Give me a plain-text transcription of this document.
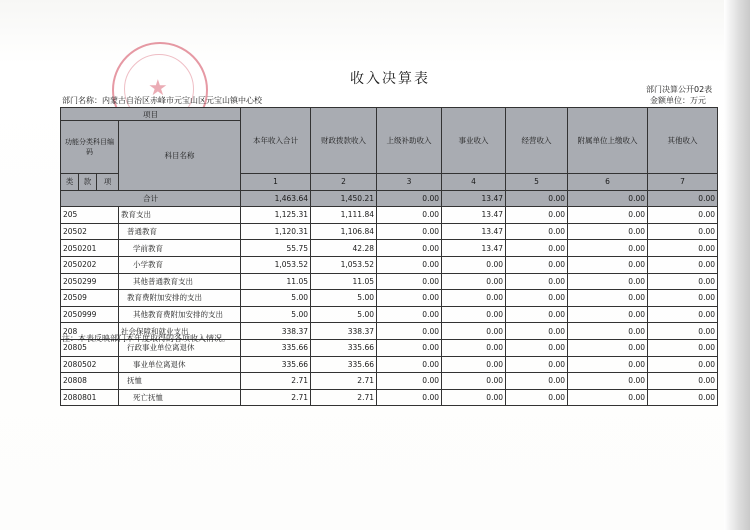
★	收入决算表
部门决算公开02表
部门名称：内蒙古自治区赤峰市元宝山区元宝山镇中心校	金额单位：万元
项目				本年收入合计	财政拨款收入	上级补助收入	事业收入	经营收入	附属单位上缴收入	其他收入
功能分类科目编码			科目名称							
类	款	项		1	2	3	4	5	6	7
合计				1,463.64	1,450.21	0.00	13.47	0.00	0.00	0.00
205			教育支出	1,125.31	1,111.84	0.00	13.47	0.00	0.00	0.00
20502			普通教育	1,120.31	1,106.84	0.00	13.47	0.00	0.00	0.00
2050201			学前教育	55.75	42.28	0.00	13.47	0.00	0.00	0.00
2050202			小学教育	1,053.52	1,053.52	0.00	0.00	0.00	0.00	0.00
2050299			其他普通教育支出	11.05	11.05	0.00	0.00	0.00	0.00	0.00
20509			教育费附加安排的支出	5.00	5.00	0.00	0.00	0.00	0.00	0.00
2050999			其他教育费附加安排的支出	5.00	5.00	0.00	0.00	0.00	0.00	0.00
208			社会保障和就业支出	338.37	338.37	0.00	0.00	0.00	0.00	0.00
20805			行政事业单位离退休	335.66	335.66	0.00	0.00	0.00	0.00	0.00
2080502			事业单位离退休	335.66	335.66	0.00	0.00	0.00	0.00	0.00
20808			抚恤	2.71	2.71	0.00	0.00	0.00	0.00	0.00
2080801			死亡抚恤	2.71	2.71	0.00	0.00	0.00	0.00	0.00
注：本表反映部门本年度取得的各项收入情况。
